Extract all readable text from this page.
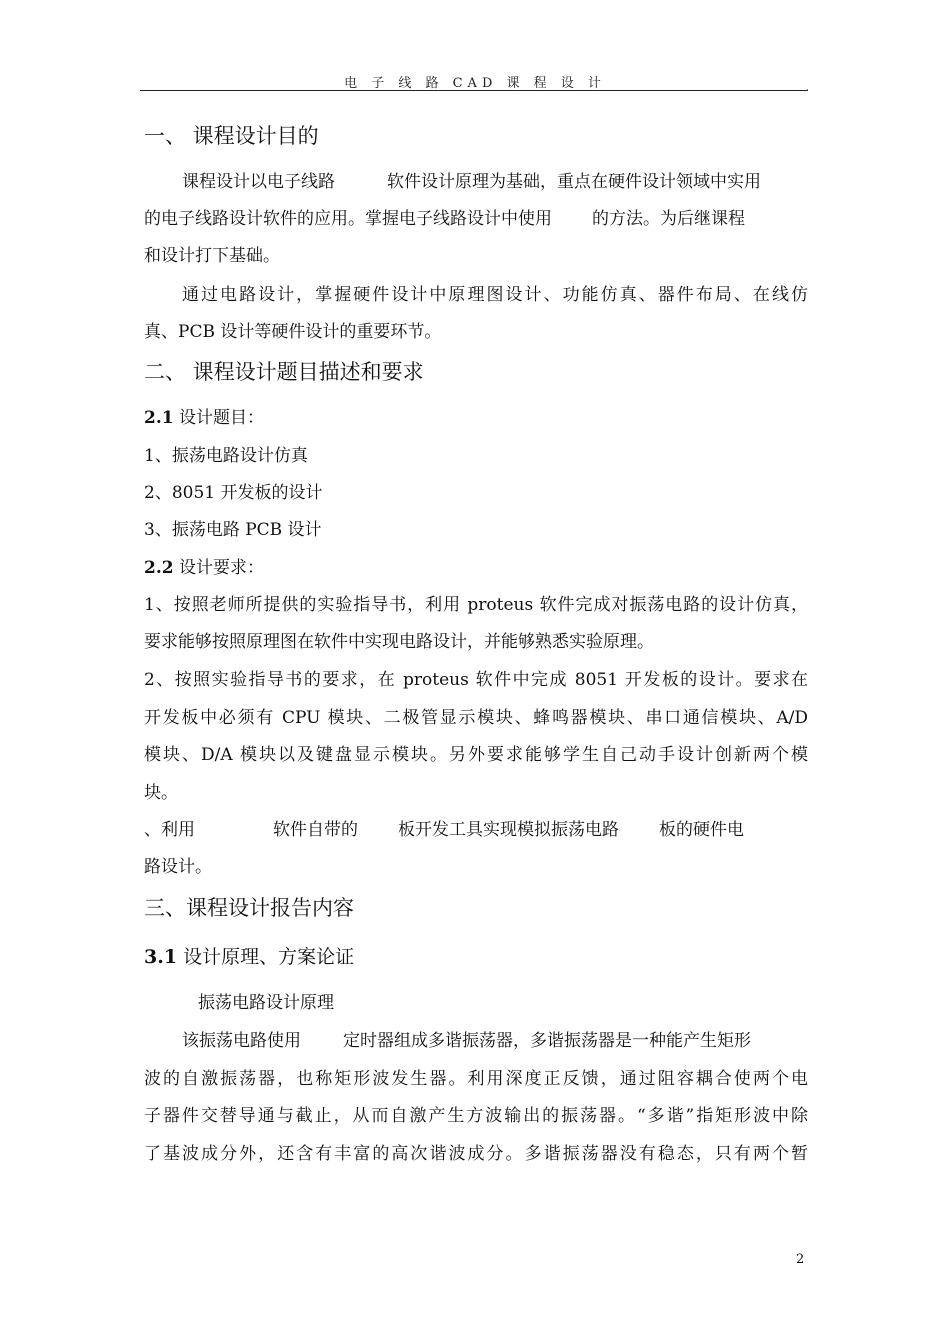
电 子 线 路 CAD 课 程 设 计	,
一、 课程设计目的
课程设计以电子线路	软件设计原理为基础，重点在硬件设计领域中实用
的电子线路设计软件的应用。掌握电子线路设计中使用 的方法。为后继课程
和设计打下基础。
通过电路设计，掌握硬件设计中原理图设计、功能仿真、器件布局、在线仿
真、PCB 设计等硬件设计的重要环节。
二、 课程设计题目描述和要求
2.1 设计题目：
1、振荡电路设计仿真
2、8051 开发板的设计
3、振荡电路 PCB 设计
2.2 设计要求：
1、按照老师所提供的实验指导书，利用 proteus 软件完成对振荡电路的设计仿真，
要求能够按照原理图在软件中实现电路设计，并能够熟悉实验原理。
2、按照实验指导书的要求，在 proteus 软件中完成 8051 开发板的设计。要求在
开发板中必须有 CPU 模块、二极管显示模块、蜂鸣器模块、串口通信模块、A/D
模块、D/A 模块以及键盘显示模块。另外要求能够学生自己动手设计创新两个模
块。
、利用	软件自带的 板开发工具实现模拟振荡电路 板的硬件电
路设计。
三、课程设计报告内容
3.1 设计原理、方案论证
振荡电路设计原理
该振荡电路使用 定时器组成多谐振荡器，多谐振荡器是一种能产生矩形
波的自激振荡器，也称矩形波发生器。利用深度正反馈，通过阻容耦合使两个电
子器件交替导通与截止，从而自激产生方波输出的振荡器。“多谐”指矩形波中除
了基波成分外，还含有丰富的高次谐波成分。多谐振荡器没有稳态，只有两个暂
2
